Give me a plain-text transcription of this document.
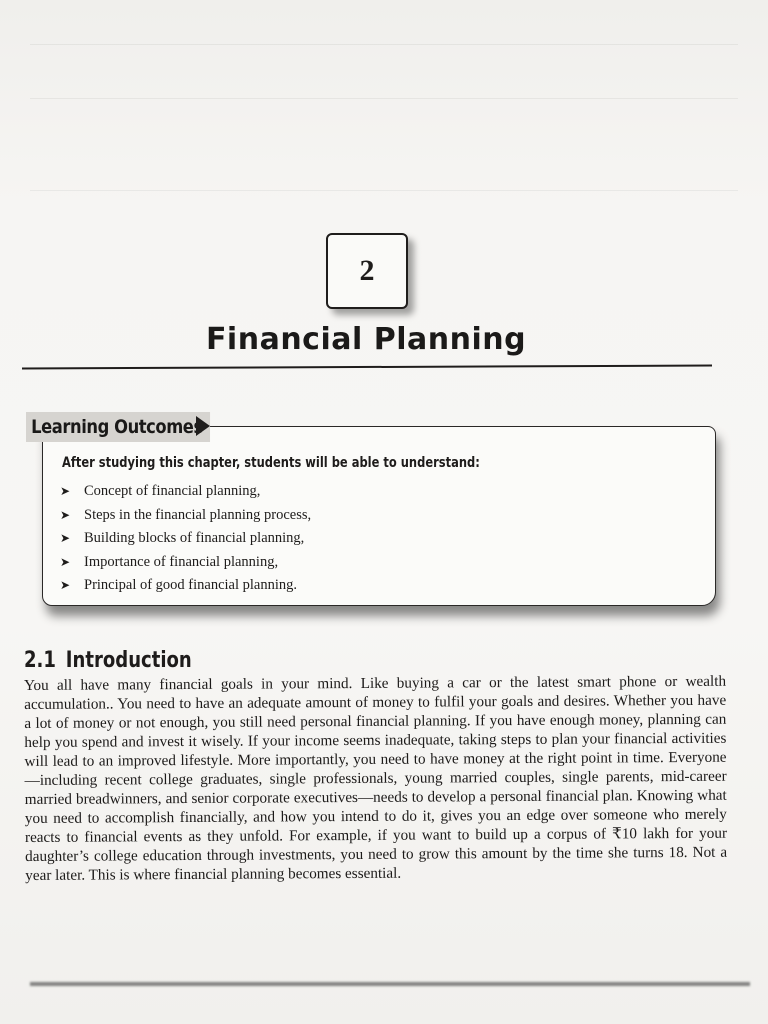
2
Financial Planning
Learning Outcomes
After studying this chapter, students will be able to understand:
➤ Concept of financial planning,
➤ Steps in the financial planning process,
➤ Building blocks of financial planning,
➤ Importance of financial planning,
➤ Principal of good financial planning.
2.1 Introduction

You all have many financial goals in your mind. Like buying a car or the latest smart phone or wealth accumulation.. You need to have an adequate amount of money to fulfil your goals and desires. Whether you have a lot of money or not enough, you still need personal financial planning. If you have enough money, planning can help you spend and invest it wisely. If your income seems inadequate, taking steps to plan your financial activities will lead to an improved lifestyle. More importantly, you need to have money at the right point in time. Everyone—including recent college graduates, single professionals, young married couples, single parents, mid-career married breadwinners, and senior corporate executives—needs to develop a personal financial plan. Knowing what you need to accomplish financially, and how you intend to do it, gives you an edge over someone who merely reacts to financial events as they unfold. For example, if you want to build up a corpus of ₹10 lakh for your daughter’s college education through investments, you need to grow this amount by the time she turns 18. Not a year later. This is where financial planning becomes essential.
